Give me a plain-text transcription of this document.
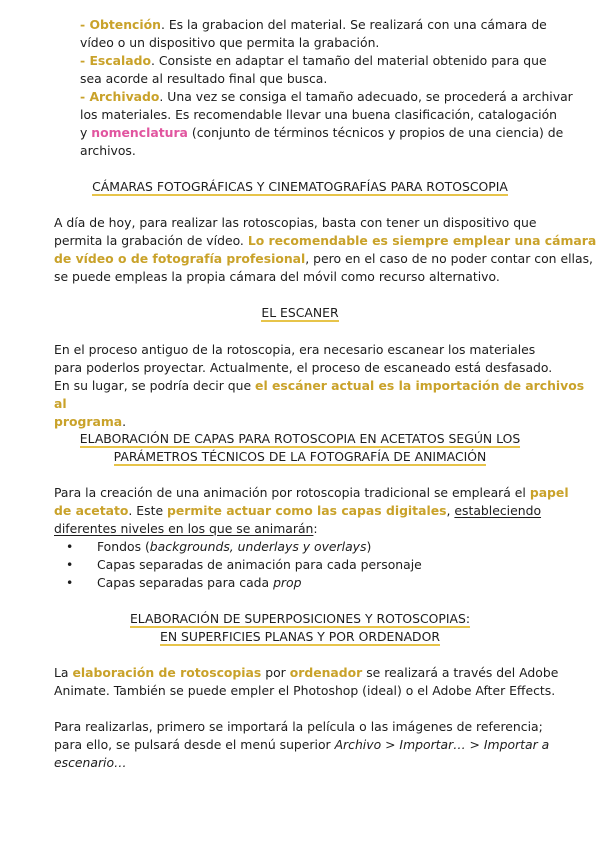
- Obtención. Es la grabacion del material. Se realizará con una cámara de
vídeo o un dispositivo que permita la grabación.
- Escalado. Consiste en adaptar el tamaño del material obtenido para que
sea acorde al resultado final que busca.
- Archivado. Una vez se consiga el tamaño adecuado, se procederá a archivar
los materiales. Es recomendable llevar una buena clasificación, catalogación
y nomenclatura (conjunto de términos técnicos y propios de una ciencia) de
archivos.
CÁMARAS FOTOGRÁFICAS Y CINEMATOGRAFÍAS PARA ROTOSCOPIA
A día de hoy, para realizar las rotoscopias, basta con tener un dispositivo que
permita la grabación de vídeo. Lo recomendable es siempre emplear una cámara
de vídeo o de fotografía profesional, pero en el caso de no poder contar con ellas,
se puede empleas la propia cámara del móvil como recurso alternativo.
EL ESCANER
En el proceso antiguo de la rotoscopia, era necesario escanear los materiales
para poderlos proyectar. Actualmente, el proceso de escaneado está desfasado.
En su lugar, se podría decir que el escáner actual es la importación de archivos al
programa.
ELABORACIÓN DE CAPAS PARA ROTOSCOPIA EN ACETATOS SEGÚN LOS
PARÁMETROS TÉCNICOS DE LA FOTOGRAFÍA DE ANIMACIÓN
Para la creación de una animación por rotoscopia tradicional se empleará el papel
de acetato. Este permite actuar como las capas digitales, estableciendo
diferentes niveles en los que se animarán:
• Fondos (backgrounds, underlays y overlays)
• Capas separadas de animación para cada personaje
• Capas separadas para cada prop
ELABORACIÓN DE SUPERPOSICIONES Y ROTOSCOPIAS:
EN SUPERFICIES PLANAS Y POR ORDENADOR
La elaboración de rotoscopias por ordenador se realizará a través del Adobe
Animate. También se puede empler el Photoshop (ideal) o el Adobe After Effects.
Para realizarlas, primero se importará la película o las imágenes de referencia;
para ello, se pulsará desde el menú superior Archivo > Importar… > Importar a
escenario…
